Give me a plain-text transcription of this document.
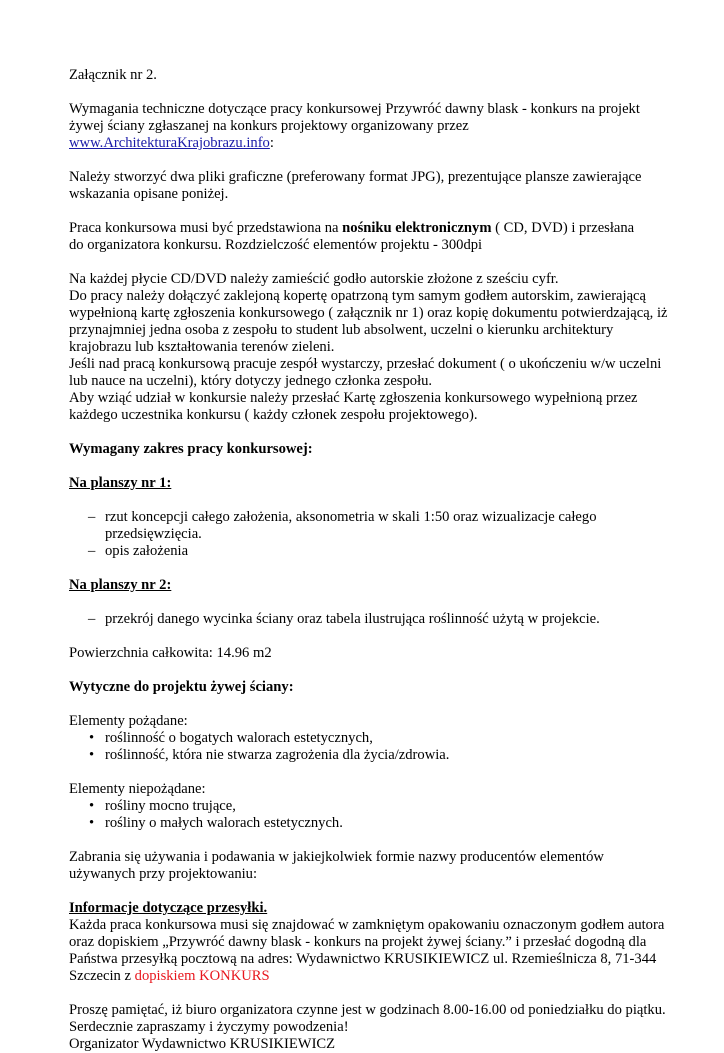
Załącznik nr 2.

Wymagania techniczne dotyczące pracy konkursowej Przywróć dawny blask - konkurs na projekt żywej ściany zgłaszanej na konkurs projektowy organizowany przez www.ArchitekturaKrajobrazu.info:

Należy stworzyć dwa pliki graficzne (preferowany format JPG), prezentujące plansze zawierające wskazania opisane poniżej.

Praca konkursowa musi być przedstawiona na nośniku elektronicznym ( CD, DVD) i przesłana

do organizatora konkursu. Rozdzielczość elementów projektu - 300dpi

Na każdej płycie CD/DVD należy zamieścić godło autorskie złożone z sześciu cyfr.

Do pracy należy dołączyć zaklejoną kopertę opatrzoną tym samym godłem autorskim, zawierającą wypełnioną kartę zgłoszenia konkursowego ( załącznik nr 1) oraz kopię dokumentu potwierdzającą, iż przynajmniej jedna osoba z zespołu to student lub absolwent, uczelni o kierunku architektury krajobrazu lub kształtowania terenów zieleni.

Jeśli nad pracą konkursową pracuje zespół wystarczy, przesłać dokument ( o ukończeniu w/w uczelni lub nauce na uczelni), który dotyczy jednego członka zespołu.

Aby wziąć udział w konkursie należy przesłać Kartę zgłoszenia konkursowego wypełnioną przez każdego uczestnika konkursu ( każdy członek zespołu projektowego).

Wymagany zakres pracy konkursowej:

Na planszy nr 1:

– rzut koncepcji całego założenia, aksonometria w skali 1:50 oraz wizualizacje całego przedsięwzięcia.
– opis założenia

Na planszy nr 2:

– przekrój danego wycinka ściany oraz tabela ilustrująca roślinność użytą w projekcie.

Powierzchnia całkowita: 14.96 m2

Wytyczne do projektu żywej ściany:

Elementy pożądane:

• roślinność o bogatych walorach estetycznych,
• roślinność, która nie stwarza zagrożenia dla życia/zdrowia.

Elementy niepożądane:

• rośliny mocno trujące,
• rośliny o małych walorach estetycznych.

Zabrania się używania i podawania w jakiejkolwiek formie nazwy producentów elementów używanych przy projektowaniu:

Informacje dotyczące przesyłki.

Każda praca konkursowa musi się znajdować w zamkniętym opakowaniu oznaczonym godłem autora oraz dopiskiem „Przywróć dawny blask - konkurs na projekt żywej ściany.” i przesłać dogodną dla Państwa przesyłką pocztową na adres: Wydawnictwo KRUSIKIEWICZ ul. Rzemieślnicza 8, 71-344 Szczecin z dopiskiem KONKURS

Proszę pamiętać, iż biuro organizatora czynne jest w godzinach 8.00-16.00 od poniedziałku do piątku.

Serdecznie zapraszamy i życzymy powodzenia!

Organizator Wydawnictwo KRUSIKIEWICZ
